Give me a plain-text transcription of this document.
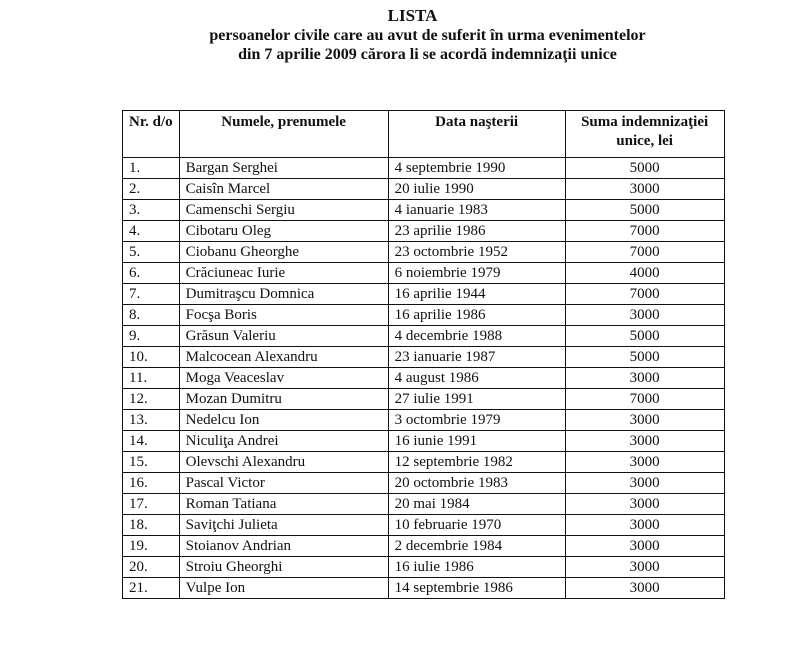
LISTA
persoanelor civile care au avut de suferit în urma evenimentelor
din 7 aprilie 2009 cărora li se acordă indemnizaţii unice
Nr. d/o	Numele, prenumele	Data naşterii	Suma indemnizaţiei unice, lei
1.	Bargan Serghei	4 septembrie 1990	5000
2.	Caisîn Marcel	20 iulie 1990	3000
3.	Camenschi Sergiu	4 ianuarie 1983	5000
4.	Cibotaru Oleg	23 aprilie 1986	7000
5.	Ciobanu Gheorghe	23 octombrie 1952	7000
6.	Crăciuneac Iurie	6 noiembrie 1979	4000
7.	Dumitraşcu Domnica	16 aprilie 1944	7000
8.	Focşa Boris	16 aprilie 1986	3000
9.	Grăsun Valeriu	4 decembrie 1988	5000
10.	Malcocean Alexandru	23 ianuarie 1987	5000
11.	Moga Veaceslav	4 august 1986	3000
12.	Mozan Dumitru	27 iulie 1991	7000
13.	Nedelcu Ion	3 octombrie 1979	3000
14.	Niculiţa Andrei	16 iunie 1991	3000
15.	Olevschi Alexandru	12 septembrie 1982	3000
16.	Pascal Victor	20 octombrie 1983	3000
17.	Roman Tatiana	20 mai 1984	3000
18.	Saviţchi Julieta	10 februarie 1970	3000
19.	Stoianov Andrian	2 decembrie 1984	3000
20.	Stroiu Gheorghi	16 iulie 1986	3000
21.	Vulpe Ion	14 septembrie 1986	3000
